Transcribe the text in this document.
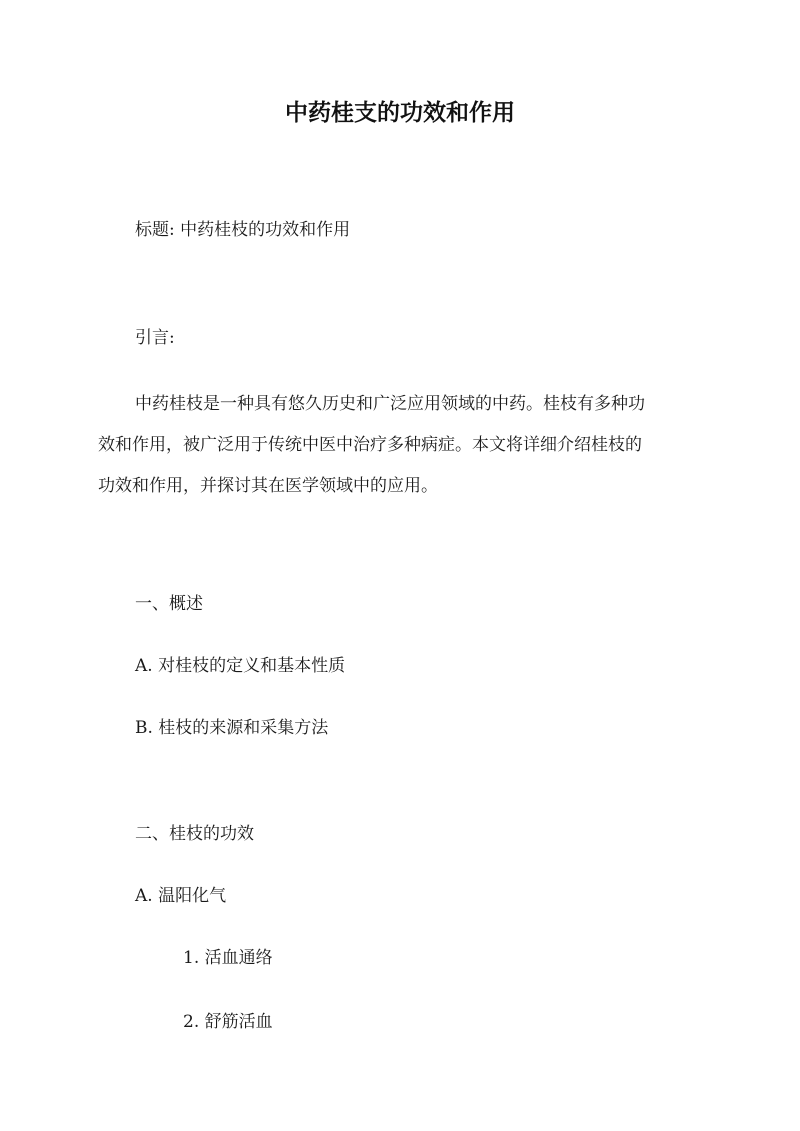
中药桂支的功效和作用
标题: 中药桂枝的功效和作用
引言:
中药桂枝是一种具有悠久历史和广泛应用领域的中药。桂枝有多种功
效和作用，被广泛用于传统中医中治疗多种病症。本文将详细介绍桂枝的
功效和作用，并探讨其在医学领域中的应用。
一、概述
A. 对桂枝的定义和基本性质
B. 桂枝的来源和采集方法
二、桂枝的功效
A. 温阳化气
1. 活血通络
2. 舒筋活血
